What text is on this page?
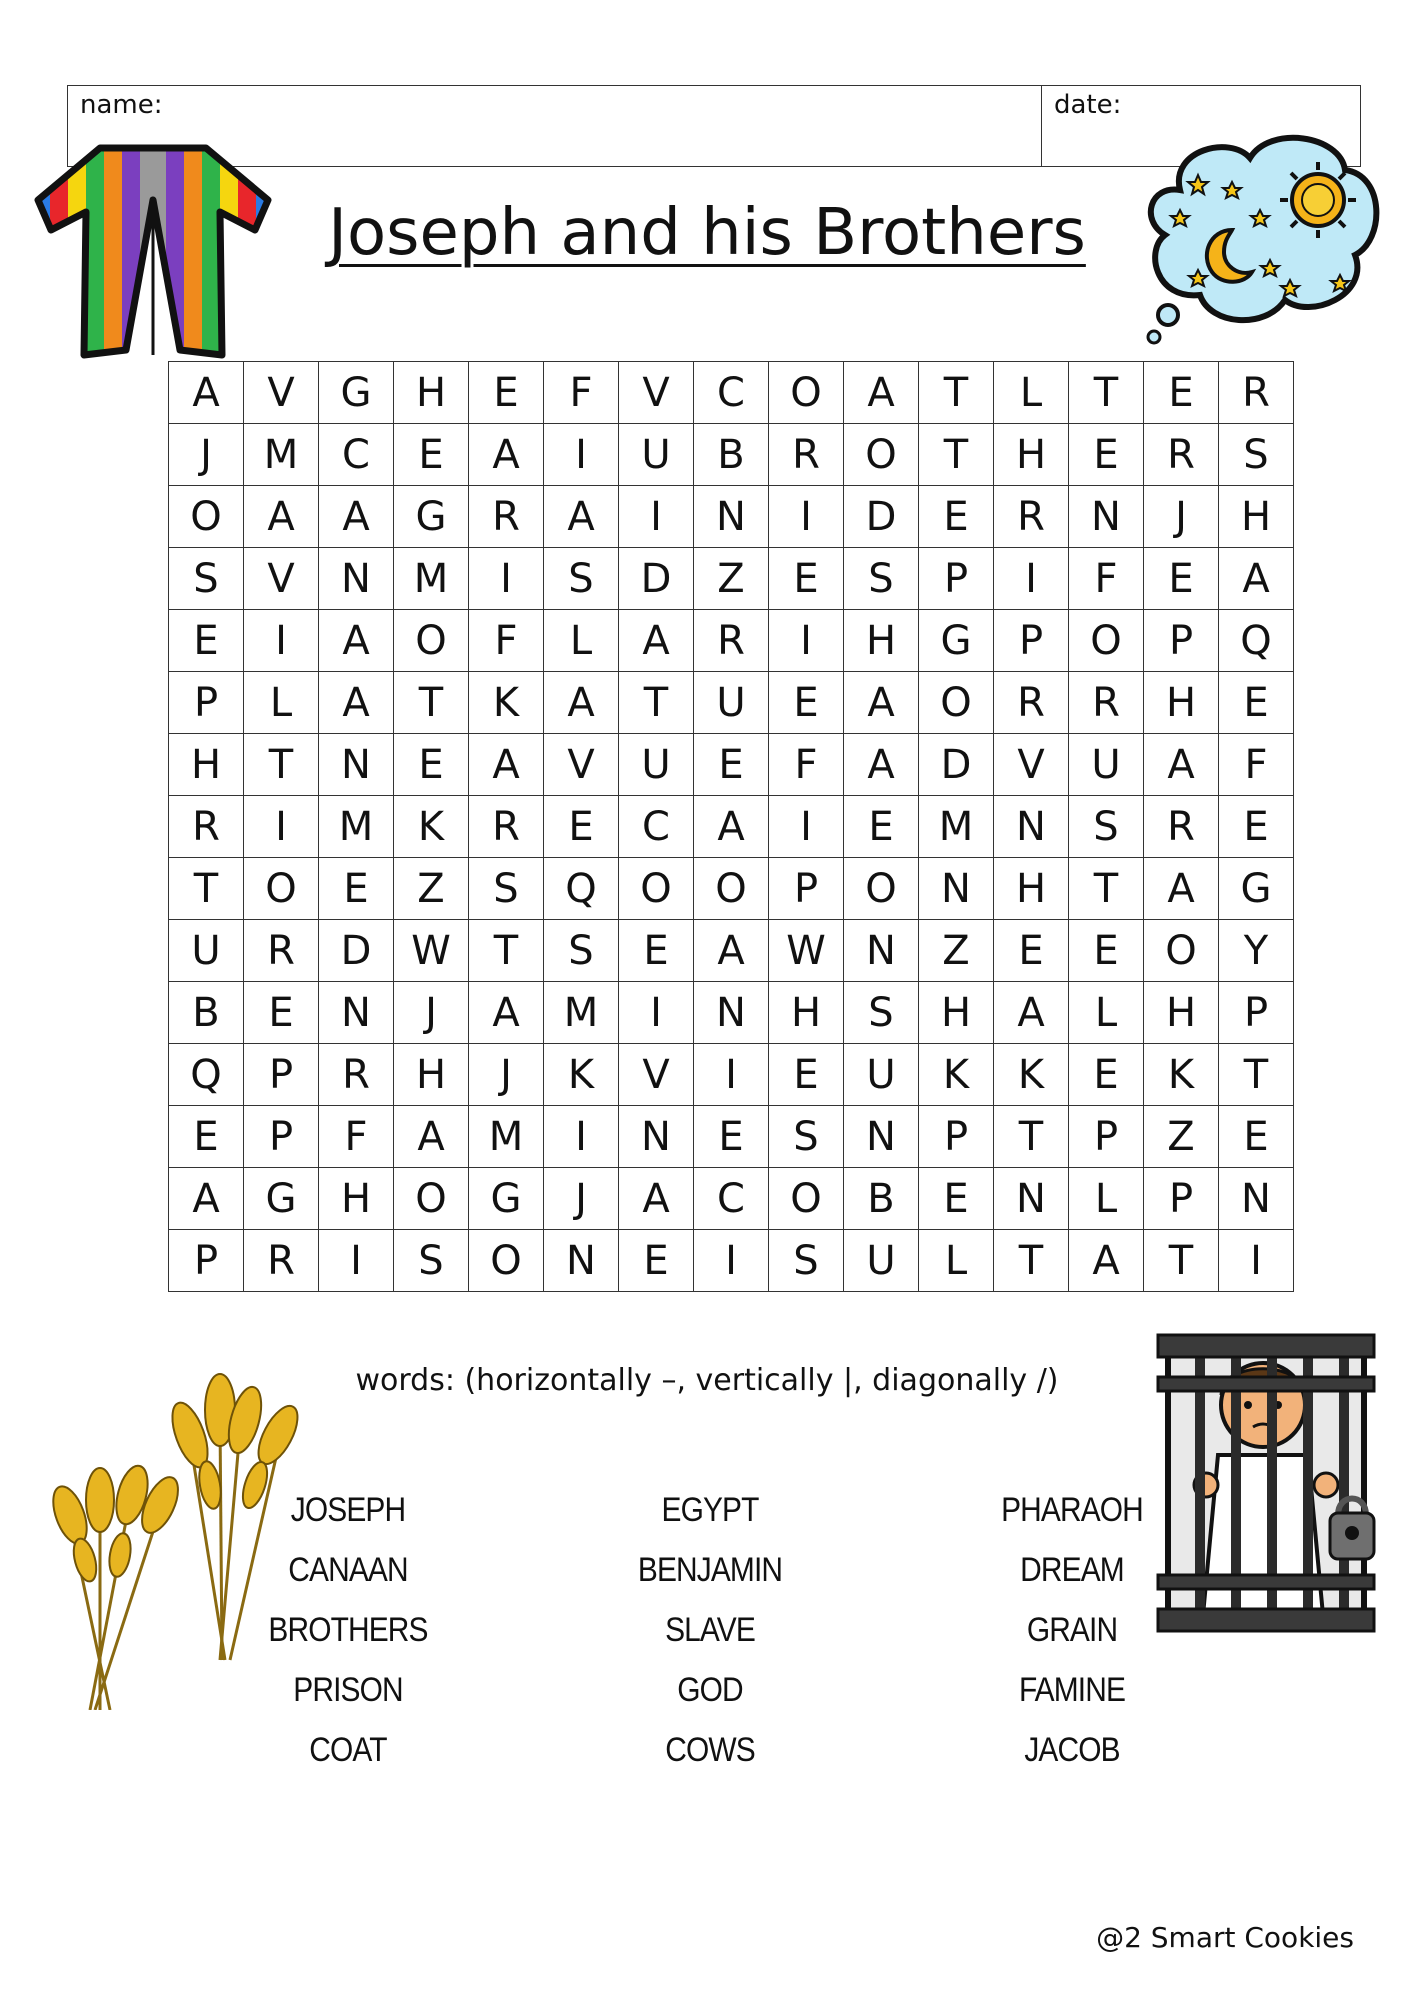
name:	date:
Joseph and his Brothers
A	V	G	H	E	F	V	C	O	A	T	L	T	E	R
J	M	C	E	A	I	U	B	R	O	T	H	E	R	S
O	A	A	G	R	A	I	N	I	D	E	R	N	J	H
S	V	N	M	I	S	D	Z	E	S	P	I	F	E	A
E	I	A	O	F	L	A	R	I	H	G	P	O	P	Q
P	L	A	T	K	A	T	U	E	A	O	R	R	H	E
H	T	N	E	A	V	U	E	F	A	D	V	U	A	F
R	I	M	K	R	E	C	A	I	E	M	N	S	R	E
T	O	E	Z	S	Q	O	O	P	O	N	H	T	A	G
U	R	D	W	T	S	E	A	W	N	Z	E	E	O	Y
B	E	N	J	A	M	I	N	H	S	H	A	L	H	P
Q	P	R	H	J	K	V	I	E	U	K	K	E	K	T
E	P	F	A	M	I	N	E	S	N	P	T	P	Z	E
A	G	H	O	G	J	A	C	O	B	E	N	L	P	N
P	R	I	S	O	N	E	I	S	U	L	T	A	T	I
words: (horizontally –, vertically |, diagonally /)
JOSEPH
CANAAN
BROTHERS
PRISON
COAT
EGYPT
BENJAMIN
SLAVE
GOD
COWS
PHARAOH
DREAM
GRAIN
FAMINE
JACOB
@2 Smart Cookies
